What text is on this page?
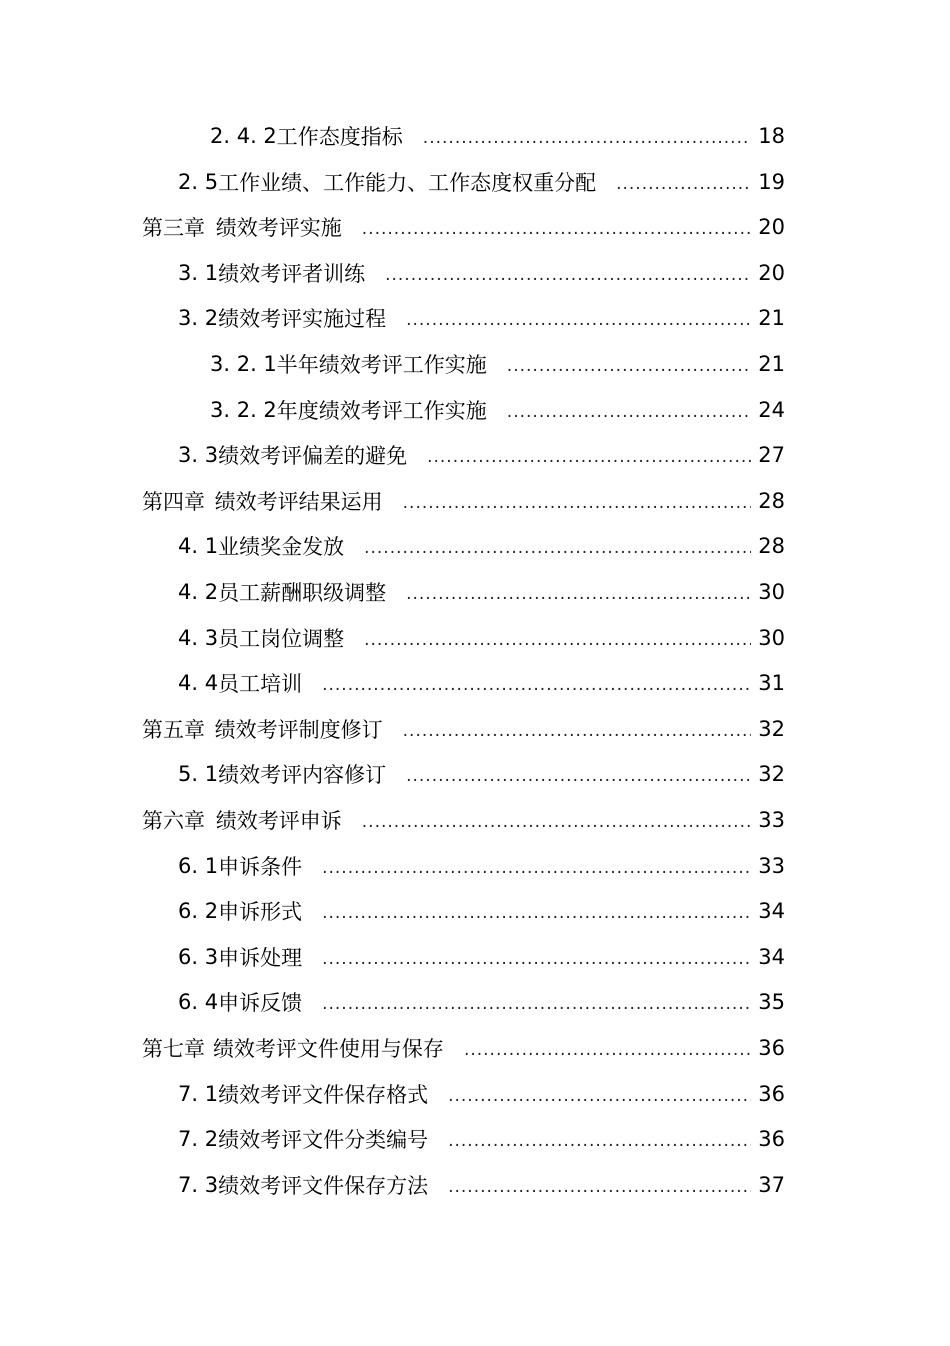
2. 4. 2 工作态度指标 .....	18
2. 5 工作业绩、工作能力、工作态度权重分配 .....	19
第三章 绩效考评实施 .....	20
3. 1 绩效考评者训练 .....	20
3. 2 绩效考评实施过程 .....	21
3. 2. 1 半年绩效考评工作实施 .....	21
3. 2. 2 年度绩效考评工作实施 .....	24
3. 3 绩效考评偏差的避免 .....	27
第四章 绩效考评结果运用 .....	28
4. 1 业绩奖金发放 .....	28
4. 2 员工薪酬职级调整 .....	30
4. 3 员工岗位调整 .....	30
4. 4 员工培训 .....	31
第五章 绩效考评制度修订 .....	32
5. 1 绩效考评内容修订 .....	32
第六章 绩效考评申诉 .....	33
6. 1 申诉条件 .....	33
6. 2 申诉形式 .....	34
6. 3 申诉处理 .....	34
6. 4 申诉反馈 .....	35
第七章 绩效考评文件使用与保存 .....	36
7. 1 绩效考评文件保存格式 .....	36
7. 2 绩效考评文件分类编号 .....	36
7. 3 绩效考评文件保存方法 .....	37
